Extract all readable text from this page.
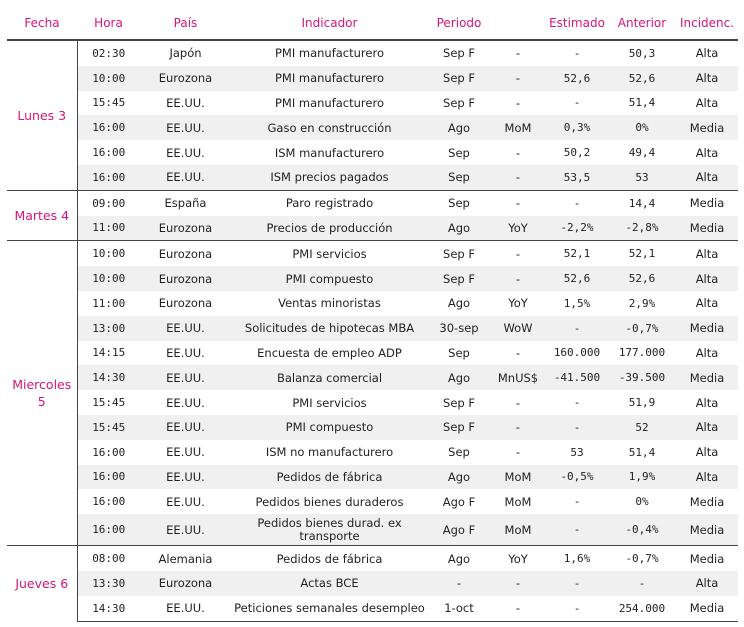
Fecha	Hora	País	Indicador	Periodo		Estimado	Anterior	Incidenc.
Lunes 3	02:30	Japón	PMI manufacturero	Sep F	-	-	50,3	Alta
	10:00	Eurozona	PMI manufacturero	Sep F	-	52,6	52,6	Alta
	15:45	EE.UU.	PMI manufacturero	Sep F	-	-	51,4	Alta
	16:00	EE.UU.	Gaso en construcción	Ago	MoM	0,3%	0%	Media
	16:00	EE.UU.	ISM manufacturero	Sep	-	50,2	49,4	Alta
	16:00	EE.UU.	ISM precios pagados	Sep	-	53,5	53	Alta
Martes 4	09:00	España	Paro registrado	Sep	-	-	14,4	Media
	11:00	Eurozona	Precios de producción	Ago	YoY	-2,2%	-2,8%	Media
Miercoles 5	10:00	Eurozona	PMI servicios	Sep F	-	52,1	52,1	Alta
	10:00	Eurozona	PMI compuesto	Sep F	-	52,6	52,6	Alta
	11:00	Eurozona	Ventas minoristas	Ago	YoY	1,5%	2,9%	Alta
	13:00	EE.UU.	Solicitudes de hipotecas MBA	30-sep	WoW	-	-0,7%	Media
	14:15	EE.UU.	Encuesta de empleo ADP	Sep	-	160.000	177.000	Alta
	14:30	EE.UU.	Balanza comercial	Ago	MnUS$	-41.500	-39.500	Media
	15:45	EE.UU.	PMI servicios	Sep F	-	-	51,9	Alta
	15:45	EE.UU.	PMI compuesto	Sep F	-	-	52	Alta
	16:00	EE.UU.	ISM no manufacturero	Sep	-	53	51,4	Alta
	16:00	EE.UU.	Pedidos de fábrica	Ago	MoM	-0,5%	1,9%	Alta
	16:00	EE.UU.	Pedidos bienes duraderos	Ago F	MoM	-	0%	Media
	16:00	EE.UU.	Pedidos bienes durad. ex transporte	Ago F	MoM	-	-0,4%	Media
Jueves 6	08:00	Alemania	Pedidos de fábrica	Ago	YoY	1,6%	-0,7%	Media
	13:30	Eurozona	Actas BCE	-	-	-	-	Alta
	14:30	EE.UU.	Peticiones semanales desempleo	1-oct	-	-	254.000	Media
